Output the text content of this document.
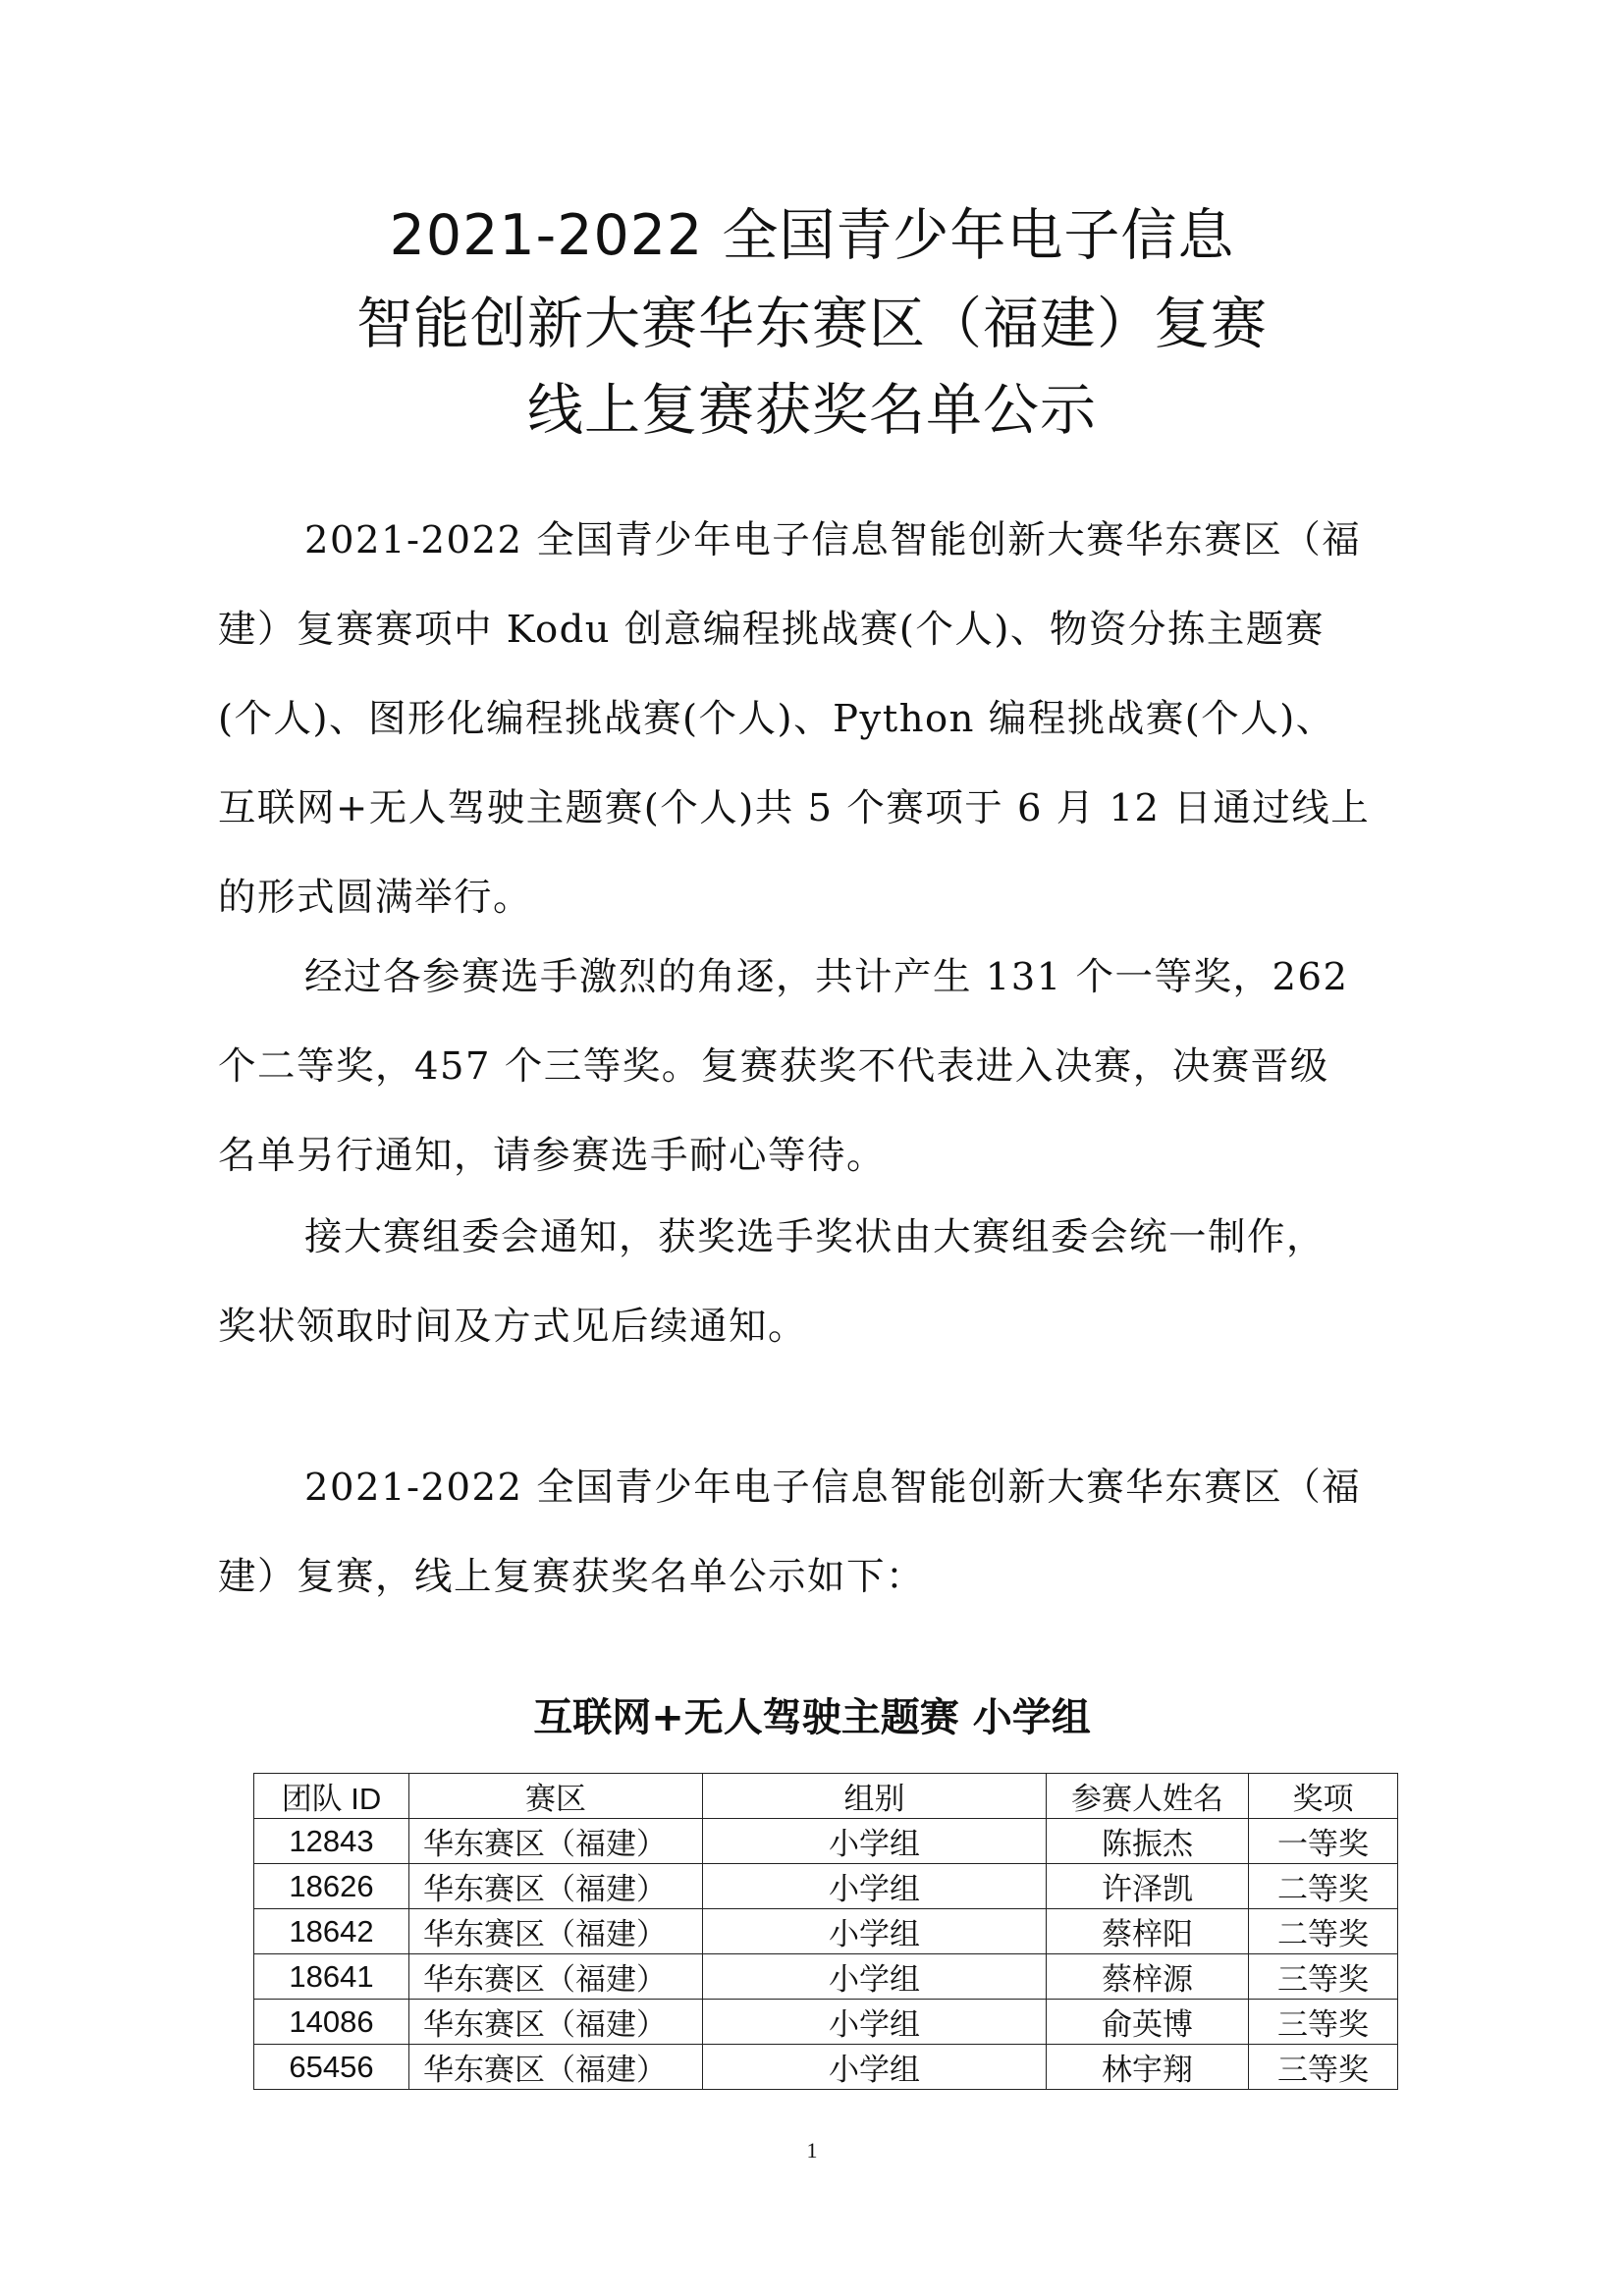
2021-2022 全国青少年电子信息
智能创新大赛华东赛区（福建）复赛
线上复赛获奖名单公示
2021-2022 全国青少年电子信息智能创新大赛华东赛区（福
建）复赛赛项中 Kodu 创意编程挑战赛(个人)、物资分拣主题赛
(个人)、图形化编程挑战赛(个人)、Python 编程挑战赛(个人)、
互联网+无人驾驶主题赛(个人)共 5 个赛项于 6 月 12 日通过线上
的形式圆满举行。
经过各参赛选手激烈的角逐，共计产生 131 个一等奖，262
个二等奖，457 个三等奖。复赛获奖不代表进入决赛，决赛晋级
名单另行通知，请参赛选手耐心等待。
接大赛组委会通知，获奖选手奖状由大赛组委会统一制作，
奖状领取时间及方式见后续通知。
2021-2022 全国青少年电子信息智能创新大赛华东赛区（福
建）复赛，线上复赛获奖名单公示如下：
互联网+无人驾驶主题赛 小学组
团队 ID	赛区	组别	参赛人姓名	奖项
12843	华东赛区（福建）	小学组	陈振杰	一等奖
18626	华东赛区（福建）	小学组	许泽凯	二等奖
18642	华东赛区（福建）	小学组	蔡梓阳	二等奖
18641	华东赛区（福建）	小学组	蔡梓源	三等奖
14086	华东赛区（福建）	小学组	俞英博	三等奖
65456	华东赛区（福建）	小学组	林宇翔	三等奖
1
